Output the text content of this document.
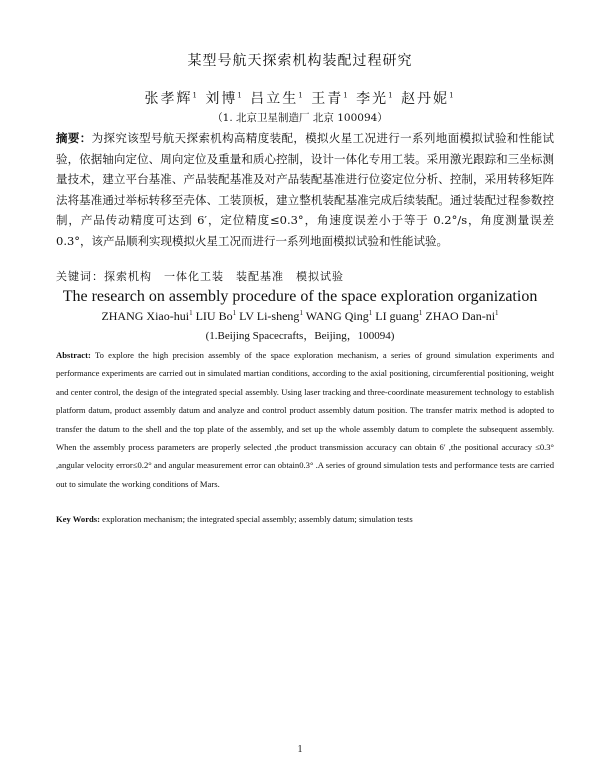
某型号航天探索机构装配过程研究
张孝辉$^1$ 刘博$^1$ 吕立生$^1$ 王青$^1$ 李光$^1$ 赵丹妮$^1$
（1. 北京卫星制造厂 北京 100094）
摘要：为探究该型号航天探索机构高精度装配，模拟火星工况进行一系列地面模拟试验和性能试验，依据轴向定位、周向定位及重量和质心控制，设计一体化专用工装。采用激光跟踪和三坐标测量技术，建立平台基准、产品装配基准及对产品装配基准进行位姿定位分析、控制，采用转移矩阵法将基准通过举标转移至壳体、工装顶板，建立整机装配基准完成后续装配。通过装配过程参数控制，产品传动精度可达到 6′，定位精度≤0.3°，角速度误差小于等于 0.2°/s，角度测量误差 0.3°，该产品顺利实现模拟火星工况而进行一系列地面模拟试验和性能试验。
关键词：探索机构　一体化工装　装配基准　模拟试验
The research on assembly procedure of the space exploration organization
ZHANG Xiao-hui$^1$ LIU Bo$^1$ LV Li-sheng$^1$ WANG Qing$^1$ LI guang$^1$ ZHAO Dan-$ni^1$
(1.Beijing Spacecrafts，Beijing，100094)
Abstract: To explore the high precision assembly of the space exploration mechanism, a series of ground simulation experiments and performance experiments are carried out in simulated martian conditions, according to the axial positioning, circumferential positioning, weight and center control, the design of the integrated special assembly. Using laser tracking and three-coordinate measurement technology to establish platform datum, product assembly datum and analyze and control product assembly datum position. The transfer matrix method is adopted to transfer the datum to the shell and the top plate of the assembly, and set up the whole assembly datum to complete the subsequent assembly. When the assembly process parameters are properly selected ,the product transmission accuracy can obtain 6′ ,the positional accuracy ≤0.3° ,angular velocity error≤0.2° and angular measurement error can obtain0.3° .A series of ground simulation tests and performance tests are carried out to simulate the working conditions of Mars.
Key Words: exploration mechanism; the integrated special assembly; assembly datum; simulation tests
1
